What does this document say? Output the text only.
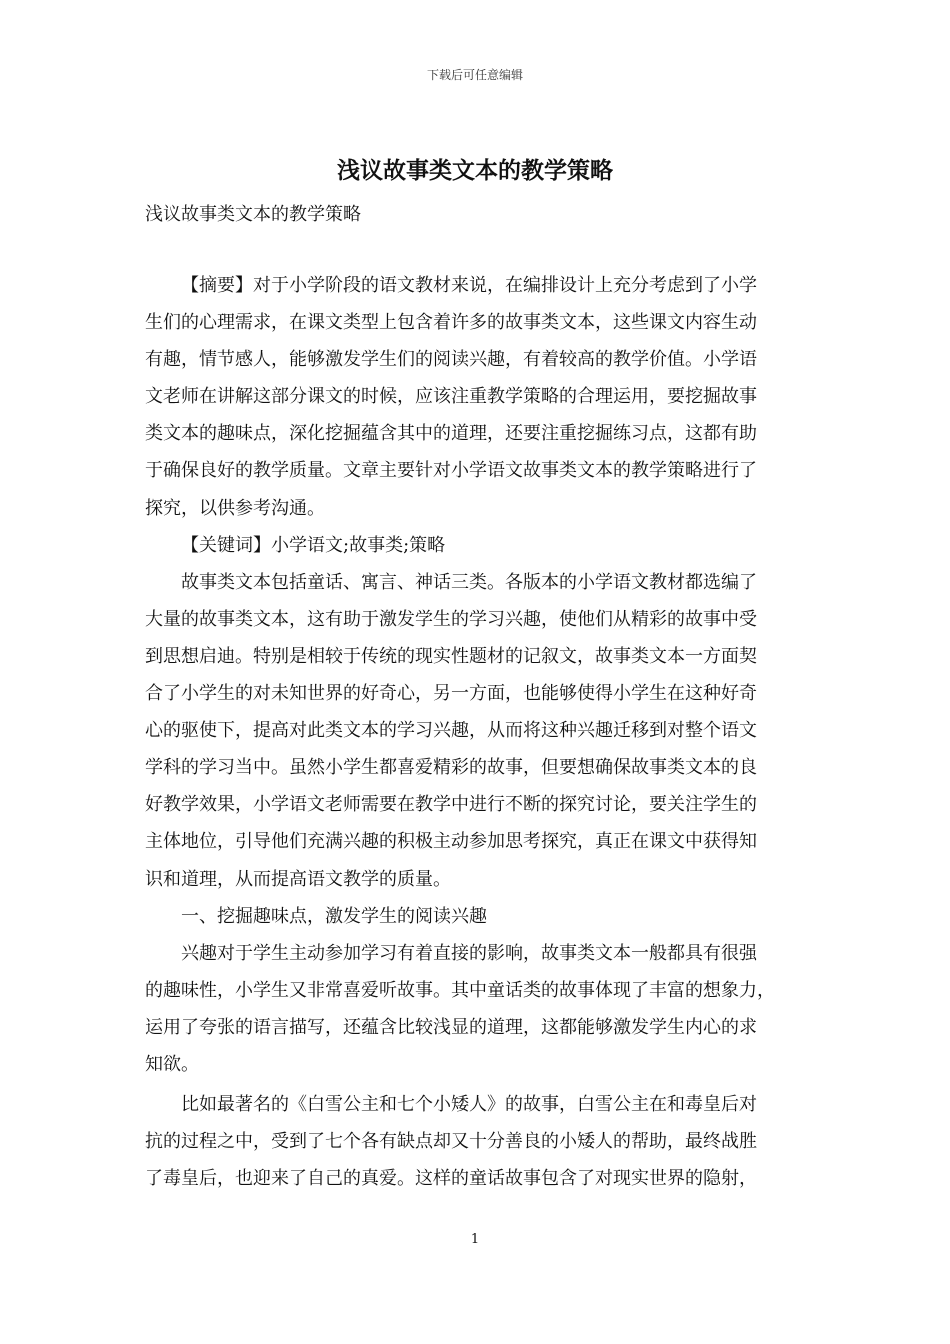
下载后可任意编辑
浅议故事类文本的教学策略

浅议故事类文本的教学策略

【摘要】对于小学阶段的语文教材来说，在编排设计上充分考虑到了小学

生们的心理需求，在课文类型上包含着许多的故事类文本，这些课文内容生动

有趣，情节感人，能够激发学生们的阅读兴趣，有着较高的教学价值。小学语

文老师在讲解这部分课文的时候，应该注重教学策略的合理运用，要挖掘故事

类文本的趣味点，深化挖掘蕴含其中的道理，还要注重挖掘练习点，这都有助

于确保良好的教学质量。文章主要针对小学语文故事类文本的教学策略进行了

探究，以供参考沟通。

【关键词】小学语文;故事类;策略

故事类文本包括童话、寓言、神话三类。各版本的小学语文教材都选编了

大量的故事类文本，这有助于激发学生的学习兴趣，使他们从精彩的故事中受

到思想启迪。特别是相较于传统的现实性题材的记叙文，故事类文本一方面契

合了小学生的对未知世界的好奇心，另一方面，也能够使得小学生在这种好奇

心的驱使下，提高对此类文本的学习兴趣，从而将这种兴趣迁移到对整个语文

学科的学习当中。虽然小学生都喜爱精彩的故事，但要想确保故事类文本的良

好教学效果，小学语文老师需要在教学中进行不断的探究讨论，要关注学生的

主体地位，引导他们充满兴趣的积极主动参加思考探究，真正在课文中获得知

识和道理，从而提高语文教学的质量。

一、挖掘趣味点，激发学生的阅读兴趣

兴趣对于学生主动参加学习有着直接的影响，故事类文本一般都具有很强

的趣味性，小学生又非常喜爱听故事。其中童话类的故事体现了丰富的想象力，

运用了夸张的语言描写，还蕴含比较浅显的道理，这都能够激发学生内心的求

知欲。

比如最著名的《白雪公主和七个小矮人》的故事，白雪公主在和毒皇后对

抗的过程之中，受到了七个各有缺点却又十分善良的小矮人的帮助，最终战胜

了毒皇后，也迎来了自己的真爱。这样的童话故事包含了对现实世界的隐射，

1
